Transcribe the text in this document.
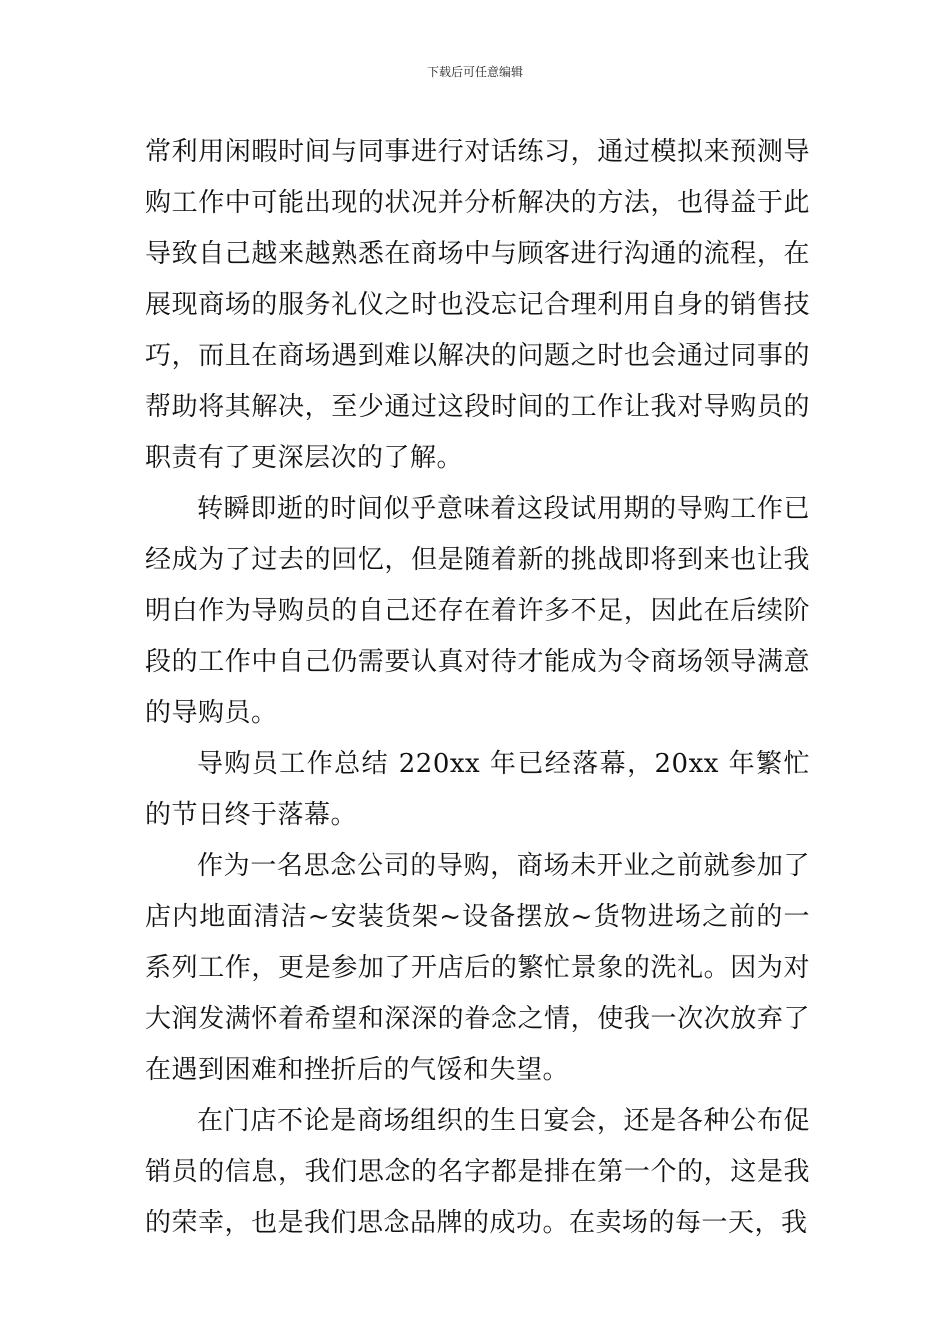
下载后可任意编辑

常利用闲暇时间与同事进行对话练习，通过模拟来预测导购工作中可能出现的状况并分析解决的方法，也得益于此导致自己越来越熟悉在商场中与顾客进行沟通的流程，在展现商场的服务礼仪之时也没忘记合理利用自身的销售技巧，而且在商场遇到难以解决的问题之时也会通过同事的帮助将其解决，至少通过这段时间的工作让我对导购员的职责有了更深层次的了解。

转瞬即逝的时间似乎意味着这段试用期的导购工作已经成为了过去的回忆，但是随着新的挑战即将到来也让我明白作为导购员的自己还存在着许多不足，因此在后续阶段的工作中自己仍需要认真对待才能成为令商场领导满意的导购员。

导购员工作总结 220xx 年已经落幕，20xx 年繁忙的节日终于落幕。

作为一名思念公司的导购，商场未开业之前就参加了店内地面清洁~安装货架~设备摆放~货物进场之前的一系列工作，更是参加了开店后的繁忙景象的洗礼。因为对大润发满怀着希望和深深的眷念之情，使我一次次放弃了在遇到困难和挫折后的气馁和失望。

在门店不论是商场组织的生日宴会，还是各种公布促销员的信息，我们思念的名字都是排在第一个的，这是我的荣幸，也是我们思念品牌的成功。在卖场的每一天，我
